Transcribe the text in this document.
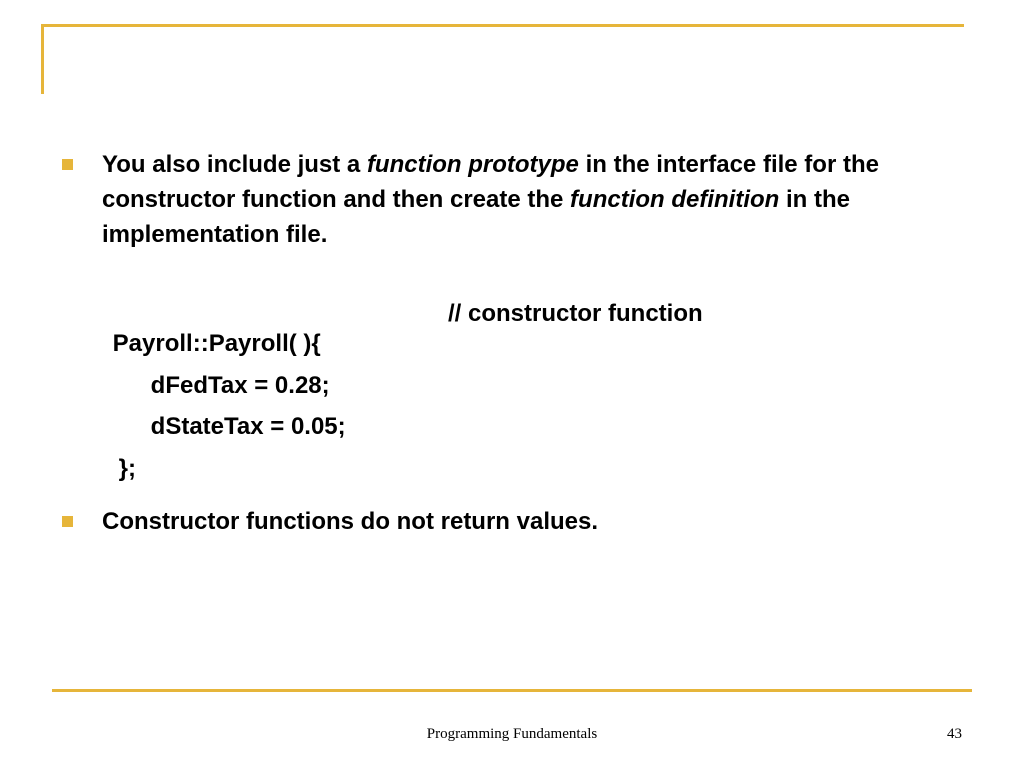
You also include just a function prototype in the interface file for the constructor function and then create the function definition in the implementation file.

Payroll::Payroll( ){

// constructor function

dFedTax = 0.28;

dStateTax = 0.05;

};

Constructor functions do not return values.
Programming Fundamentals	43
